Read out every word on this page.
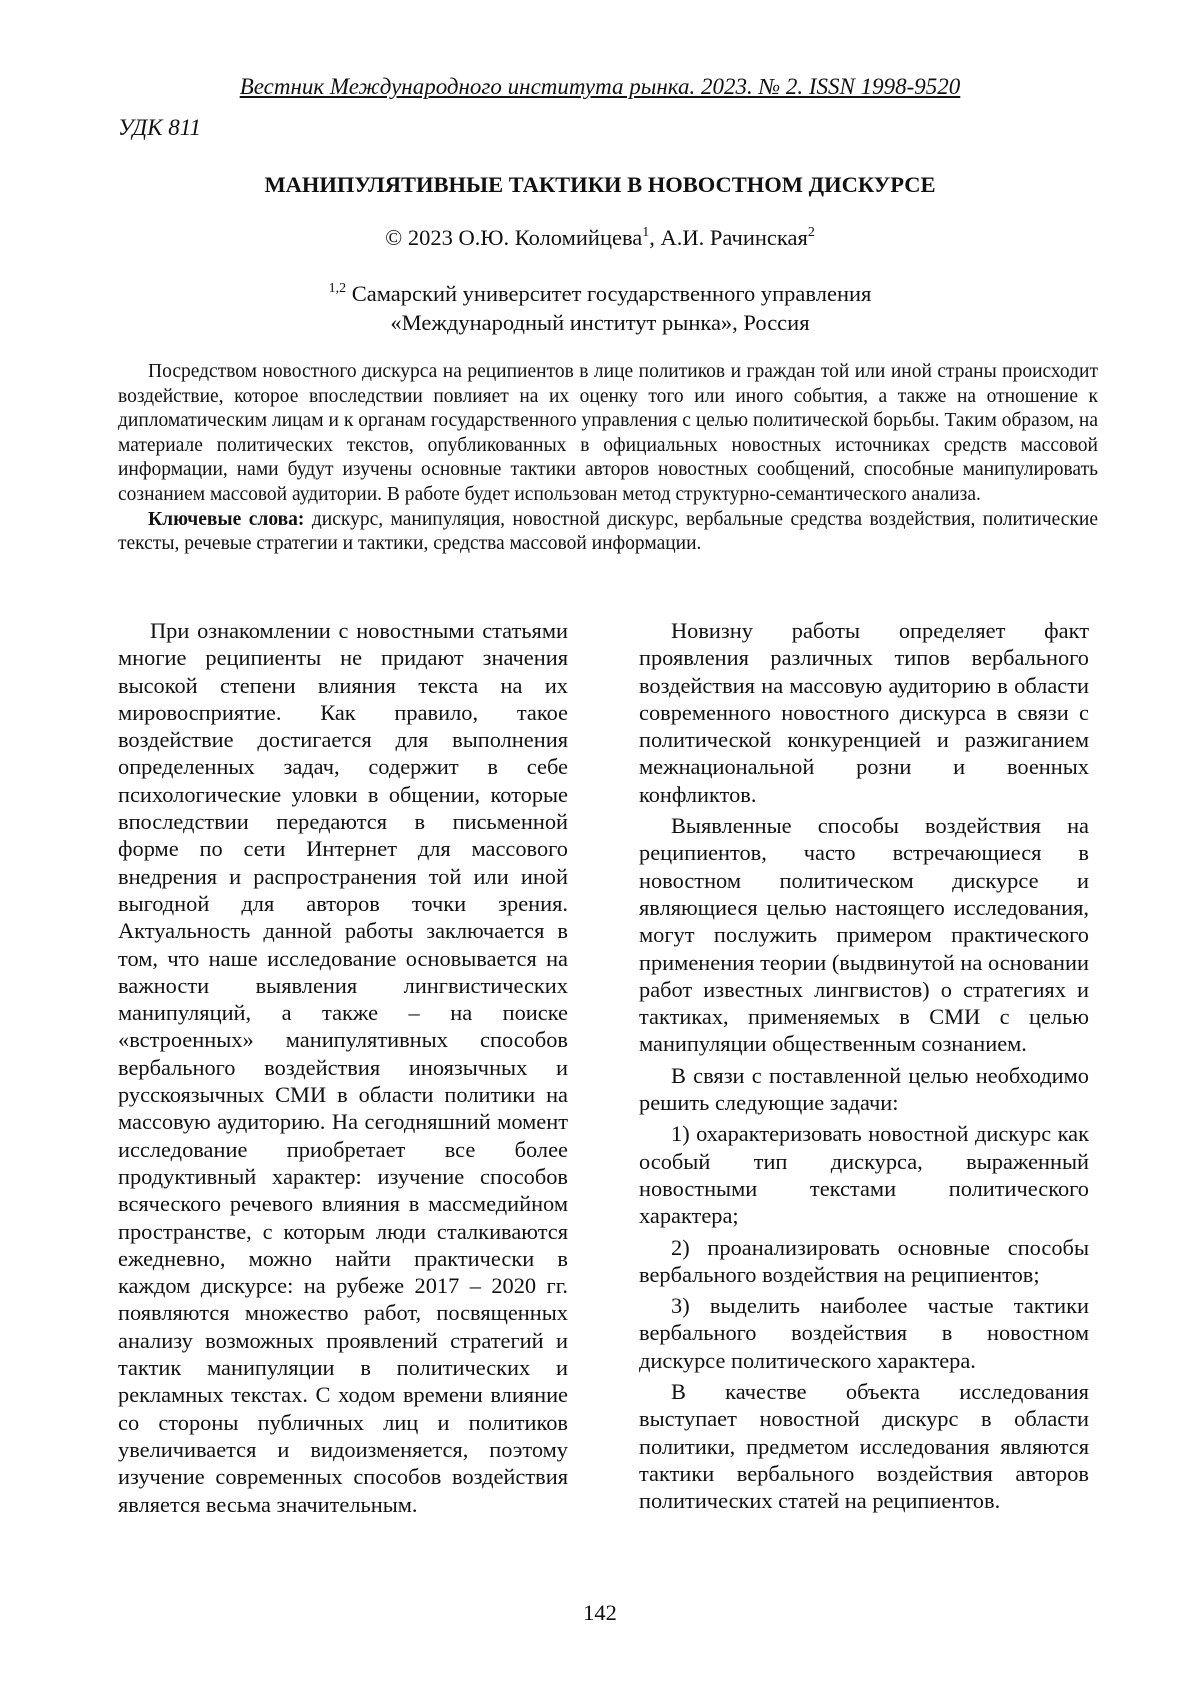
Вестник Международного института рынка. 2023. № 2. ISSN 1998-9520
УДК 811
МАНИПУЛЯТИВНЫЕ ТАКТИКИ В НОВОСТНОМ ДИСКУРСЕ
© 2023 О.Ю. Коломийцева$^1$, А.И. Рачинская$^2$
$^{1,2}$ Самарский университет государственного управления
«Международный институт рынка», Россия

Посредством новостного дискурса на реципиентов в лице политиков и граждан той или иной страны происходит воздействие, которое впоследствии повлияет на их оценку того или иного события, а также на отношение к дипломатическим лицам и к органам государственного управления с целью политической борьбы. Таким образом, на материале политических текстов, опубликованных в официальных новостных источниках средств массовой информации, нами будут изучены основные тактики авторов новостных сообщений, способные манипулировать сознанием массовой аудитории. В работе будет использован метод структурно-семантического анализа.

Ключевые слова: дискурс, манипуляция, новостной дискурс, вербальные средства воздействия, политические тексты, речевые стратегии и тактики, средства массовой информации.

При ознакомлении с новостными статьями многие реципиенты не придают значения высокой степени влияния текста на их мировосприятие. Как правило, такое воздействие достигается для выполнения определенных задач, содержит в себе психологические уловки в общении, которые впоследствии передаются в письменной форме по сети Интернет для массового внедрения и распространения той или иной выгодной для авторов точки зрения. Актуальность данной работы заключается в том, что наше исследование основывается на важности выявления лингвистических манипуляций, а также – на поиске «встроенных» манипулятивных способов вербального воздействия иноязычных и русскоязычных СМИ в области политики на массовую аудиторию. На сегодняшний момент исследование приобретает все более продуктивный характер: изучение способов всяческого речевого влияния в массмедийном пространстве, с которым люди сталкиваются ежедневно, можно найти практически в каждом дискурсе: на рубеже 2017 – 2020 гг. появляются множество работ, посвященных анализу возможных проявлений стратегий и тактик манипуляции в политических и рекламных текстах. С ходом времени влияние со стороны публичных лиц и политиков увеличивается и видоизменяется, поэтому изучение современных способов воздействия является весьма значительным.

Новизну работы определяет факт проявления различных типов вербального воздействия на массовую аудиторию в области современного новостного дискурса в связи с политической конкуренцией и разжиганием межнациональной розни и военных конфликтов.

Выявленные способы воздействия на реципиентов, часто встречающиеся в новостном политическом дискурсе и являющиеся целью настоящего исследования, могут послужить примером практического применения теории (выдвинутой на основании работ известных лингвистов) о стратегиях и тактиках, применяемых в СМИ с целью манипуляции общественным сознанием.

В связи с поставленной целью необходимо решить следующие задачи:

1) охарактеризовать новостной дискурс как особый тип дискурса, выраженный новостными текстами политического характера;

2) проанализировать основные способы вербального воздействия на реципиентов;

3) выделить наиболее частые тактики вербального воздействия в новостном дискурсе политического характера.

В качестве объекта исследования выступает новостной дискурс в области политики, предметом исследования являются тактики вербального воздействия авторов политических статей на реципиентов.

142
